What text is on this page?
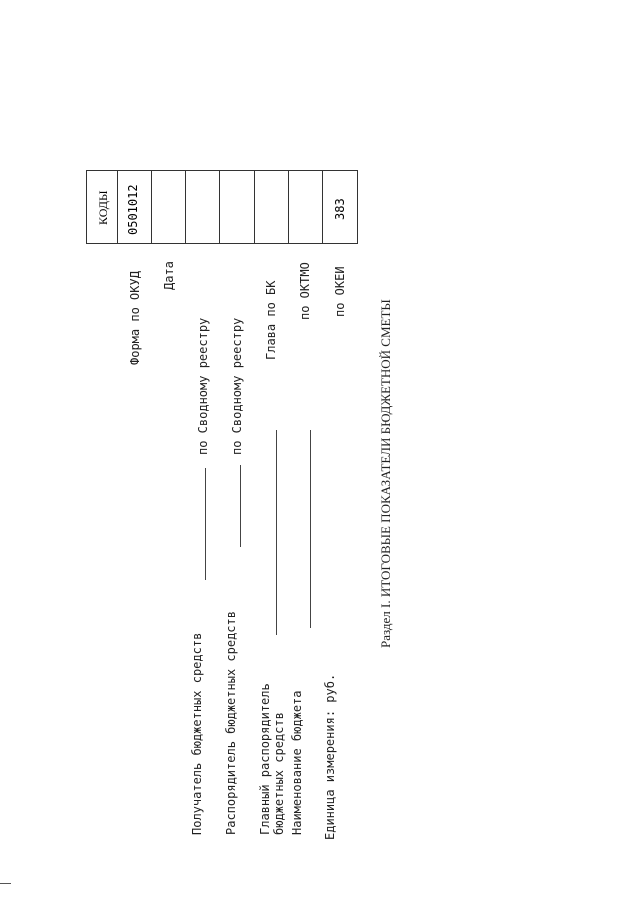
Получатель бюджетных средств
по Сводному реестру
Распорядитель бюджетных средств
по Сводному реестру
Главный распорядитель бюджетных средств
Глава по БК
Наименование бюджета
по ОКТМО
Единица измерения: руб.
по ОКЕИ
Форма по ОКУД Дата
КОДЫ 0501012	383
Раздел I. ИТОГОВЫЕ ПОКАЗАТЕЛИ БЮДЖЕТНОЙ СМЕТЫ
